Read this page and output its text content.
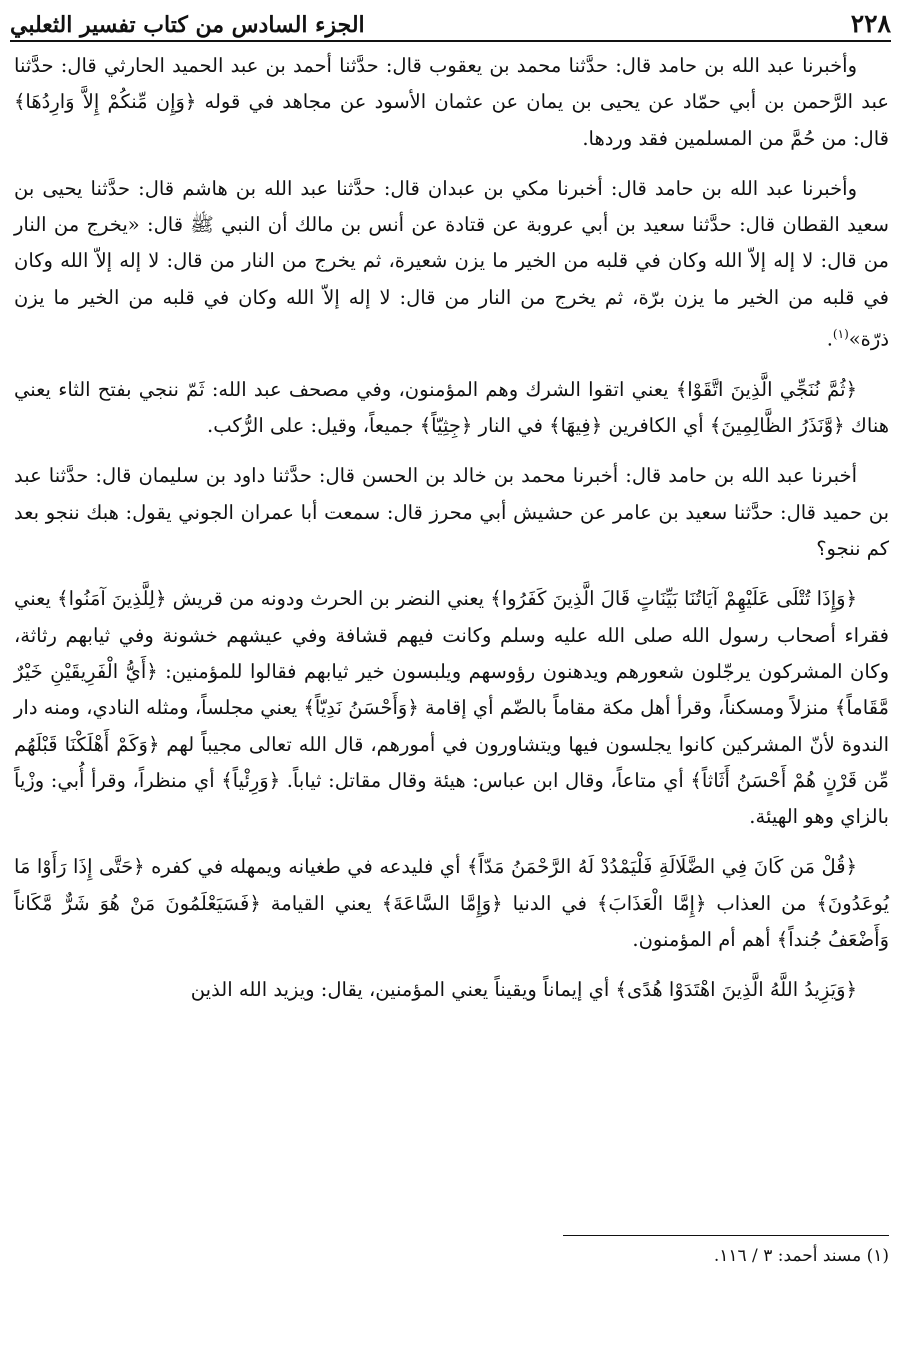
٢٢٨
الجزء السادس من كتاب تفسير الثعلبي

وأخبرنا عبد الله بن حامد قال: حدَّثنا محمد بن يعقوب قال: حدَّثنا أحمد بن عبد الحميد الحارثي قال: حدَّثنا عبد الرَّحمن بن أبي حمّاد عن يحيى بن يمان عن عثمان الأسود عن مجاهد في قوله ﴿وَإِن مِّنكُمْ إِلاَّ وَارِدُهَا﴾ قال: من حُمَّ من المسلمين فقد وردها.

وأخبرنا عبد الله بن حامد قال: أخبرنا مكي بن عبدان قال: حدَّثنا عبد الله بن هاشم قال: حدَّثنا يحيى بن سعيد القطان قال: حدَّثنا سعيد بن أبي عروبة عن قتادة عن أنس بن مالك أن النبي ﷺ قال: «يخرج من النار من قال: لا إله إلاّ الله وكان في قلبه من الخير ما يزن شعيرة، ثم يخرج من النار من قال: لا إله إلاّ الله وكان في قلبه من الخير ما يزن برّة، ثم يخرج من النار من قال: لا إله إلاّ الله وكان في قلبه من الخير ما يزن ذرّة»$^{(١)}$.

﴿ثُمَّ نُنَجِّي الَّذِينَ اتَّقَوْا﴾ يعني اتقوا الشرك وهم المؤمنون، وفي مصحف عبد الله: ثَمّ ننجي بفتح الثاء يعني هناك ﴿وَّنَذَرُ الظَّالِمِينَ﴾ أي الكافرين ﴿فِيهَا﴾ في النار ﴿جِثِيّاً﴾ جميعاً، وقيل: على الرُّكب.

أخبرنا عبد الله بن حامد قال: أخبرنا محمد بن خالد بن الحسن قال: حدَّثنا داود بن سليمان قال: حدَّثنا عبد بن حميد قال: حدَّثنا سعيد بن عامر عن حشيش أبي محرز قال: سمعت أبا عمران الجوني يقول: هبك ننجو بعد كم ننجو؟

﴿وَإِذَا تُتْلَى عَلَيْهِمْ آيَاتُنَا بَيِّنَاتٍ قَالَ الَّذِينَ كَفَرُوا﴾ يعني النضر بن الحرث ودونه من قريش ﴿لِلَّذِينَ آمَنُوا﴾ يعني فقراء أصحاب رسول الله صلى الله عليه وسلم وكانت فيهم قشافة وفي عيشهم خشونة وفي ثيابهم رثاثة، وكان المشركون يرجّلون شعورهم ويدهنون رؤوسهم ويلبسون خير ثيابهم فقالوا للمؤمنين: ﴿أَيُّ الْفَرِيقَيْنِ خَيْرٌ مَّقَاماً﴾ منزلاً ومسكناً، وقرأ أهل مكة مقاماً بالضّم أي إقامة ﴿وَأَحْسَنُ نَدِيّاً﴾ يعني مجلساً، ومثله النادي، ومنه دار الندوة لأنّ المشركين كانوا يجلسون فيها ويتشاورون في أمورهم، قال الله تعالى مجيباً لهم ﴿وَكَمْ أَهْلَكْنَا قَبْلَهُم مِّن قَرْنٍ هُمْ أَحْسَنُ أَثَاثاً﴾ أي متاعاً، وقال ابن عباس: هيئة وقال مقاتل: ثياباً. ﴿وَرِئْياً﴾ أي منظراً، وقرأ أُبي: وزْياً بالزاي وهو الهيئة.

﴿قُلْ مَن كَانَ فِي الضَّلَالَةِ فَلْيَمْدُدْ لَهُ الرَّحْمَنُ مَدّاً﴾ أي فليدعه في طغيانه ويمهله في كفره ﴿حَتَّى إِذَا رَأَوْا مَا يُوعَدُونَ﴾ من العذاب ﴿إِمَّا الْعَذَابَ﴾ في الدنيا ﴿وَإِمَّا السَّاعَةَ﴾ يعني القيامة ﴿فَسَيَعْلَمُونَ مَنْ هُوَ شَرٌّ مَّكَاناً وَأَضْعَفُ جُنداً﴾ أهم أم المؤمنون.

﴿وَيَزِيدُ اللَّهُ الَّذِينَ اهْتَدَوْا هُدًى﴾ أي إيماناً ويقيناً يعني المؤمنين، يقال: ويزيد الله الذين

(١) مسند أحمد: ٣ / ١١٦.
